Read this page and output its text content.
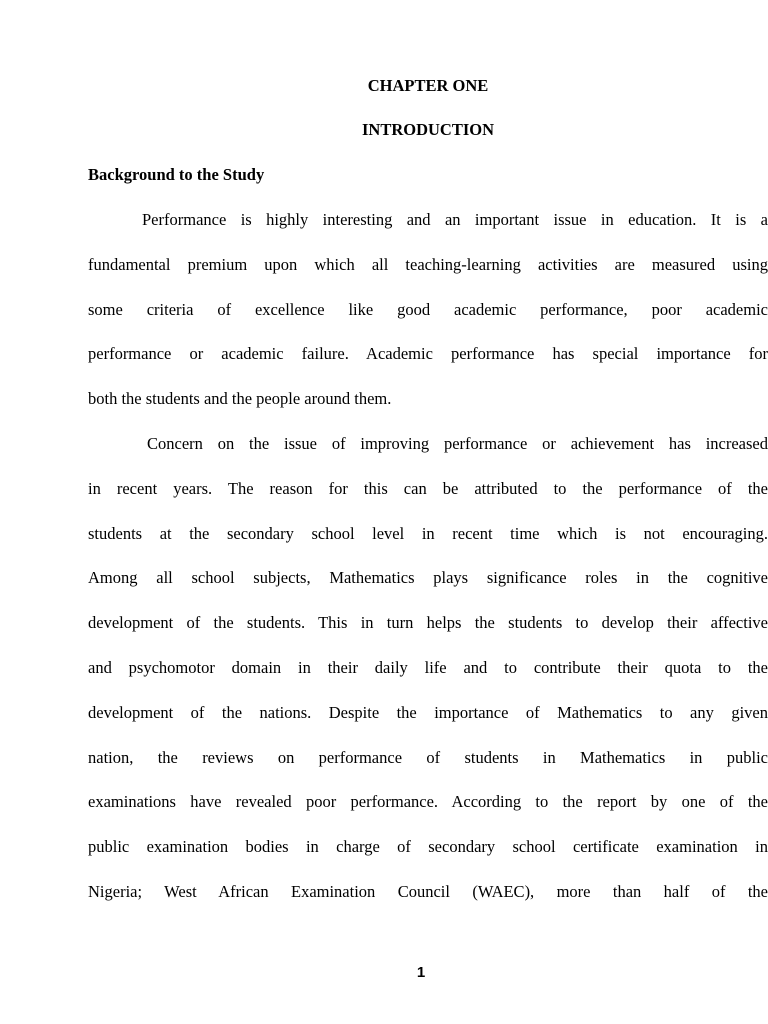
CHAPTER ONE

INTRODUCTION

Background to the Study

Performance is highly interesting and an important issue in education. It is a
fundamental premium upon which all teaching-learning activities are measured using
some criteria of excellence like good academic performance, poor academic
performance or academic failure. Academic performance has special importance for
both the students and the people around them.
Concern on the issue of improving performance or achievement has increased
in recent years. The reason for this can be attributed to the performance of the
students at the secondary school level in recent time which is not encouraging.
Among all school subjects, Mathematics plays significance roles in the cognitive
development of the students. This in turn helps the students to develop their affective
and psychomotor domain in their daily life and to contribute their quota to the
development of the nations. Despite the importance of Mathematics to any given
nation, the reviews on performance of students in Mathematics in public
examinations have revealed poor performance. According to the report by one of the
public examination bodies in charge of secondary school certificate examination in
Nigeria; West African Examination Council (WAEC), more than half of the

1
